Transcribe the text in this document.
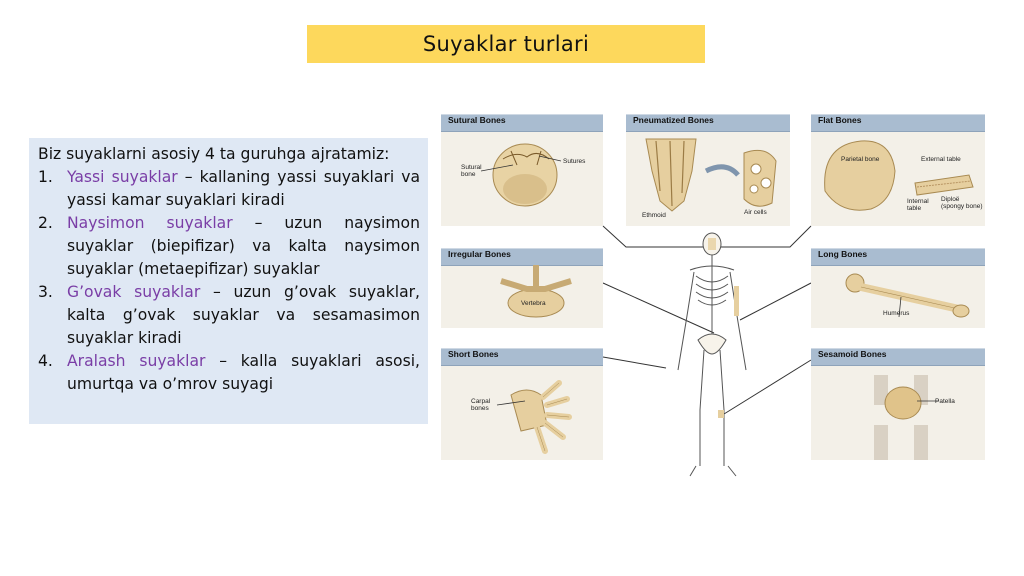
Suyaklar turlari

Biz suyaklarni asosiy 4 ta guruhga ajratamiz:

1. Yassi suyaklar – kallaning yassi suyaklari va yassi kamar suyaklari kiradi
2. Naysimon suyaklar – uzun naysimon suyaklar (biepifizar) va kalta naysimon suyaklar (metaepifizar) suyaklar
3. G’ovak suyaklar – uzun g’ovak suyaklar, kalta g’ovak suyaklar va sesamasimon suyaklar kiradi
4. Aralash suyaklar – kalla suyaklari asosi, umurtqa va o’mrov suyagi
Sutural Bones
Sutural
bone
Sutures
Pneumatized Bones
Ethmoid	Air cells
Flat Bones
Parietal bone	External table
Internal
table
Diploë
(spongy bone)
Irregular Bones
Vertebra
Long Bones
Humerus
Short Bones
Carpal
bones
Sesamoid Bones
Patella
